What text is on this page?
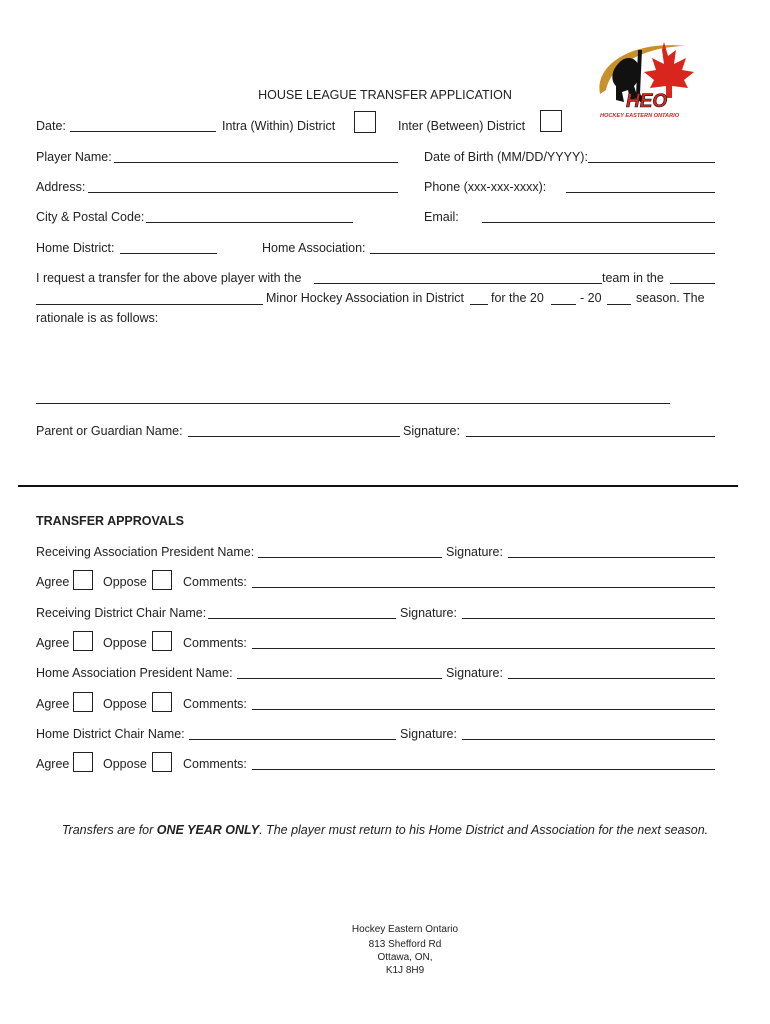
HEO
HOCKEY EASTERN ONTARIO
HOUSE LEAGUE TRANSFER APPLICATION
Date:	Intra (Within) District	Inter (Between) District
Player Name:	Date of Birth (MM/DD/YYYY):
Address:	Phone (xxx-xxx-xxxx):
City & Postal Code:	Email:
Home District:	Home Association:
I request a transfer for the above player with the	team in the
Minor Hockey Association in District for the 20	- 20	season. The
rationale is as follows:
Parent or Guardian Name:	Signature:
TRANSFER APPROVALS
Receiving Association President Name:	Signature:
Agree	Oppose	Comments:
Receiving District Chair Name:	Signature:
Agree	Oppose	Comments:
Home Association President Name:	Signature:
Agree	Oppose	Comments:
Home District Chair Name:	Signature:
Agree	Oppose	Comments:
Transfers are for ONE YEAR ONLY. The player must return to his Home District and Association for the next season.
Hockey Eastern Ontario
813 Shefford Rd
Ottawa, ON,
K1J 8H9
